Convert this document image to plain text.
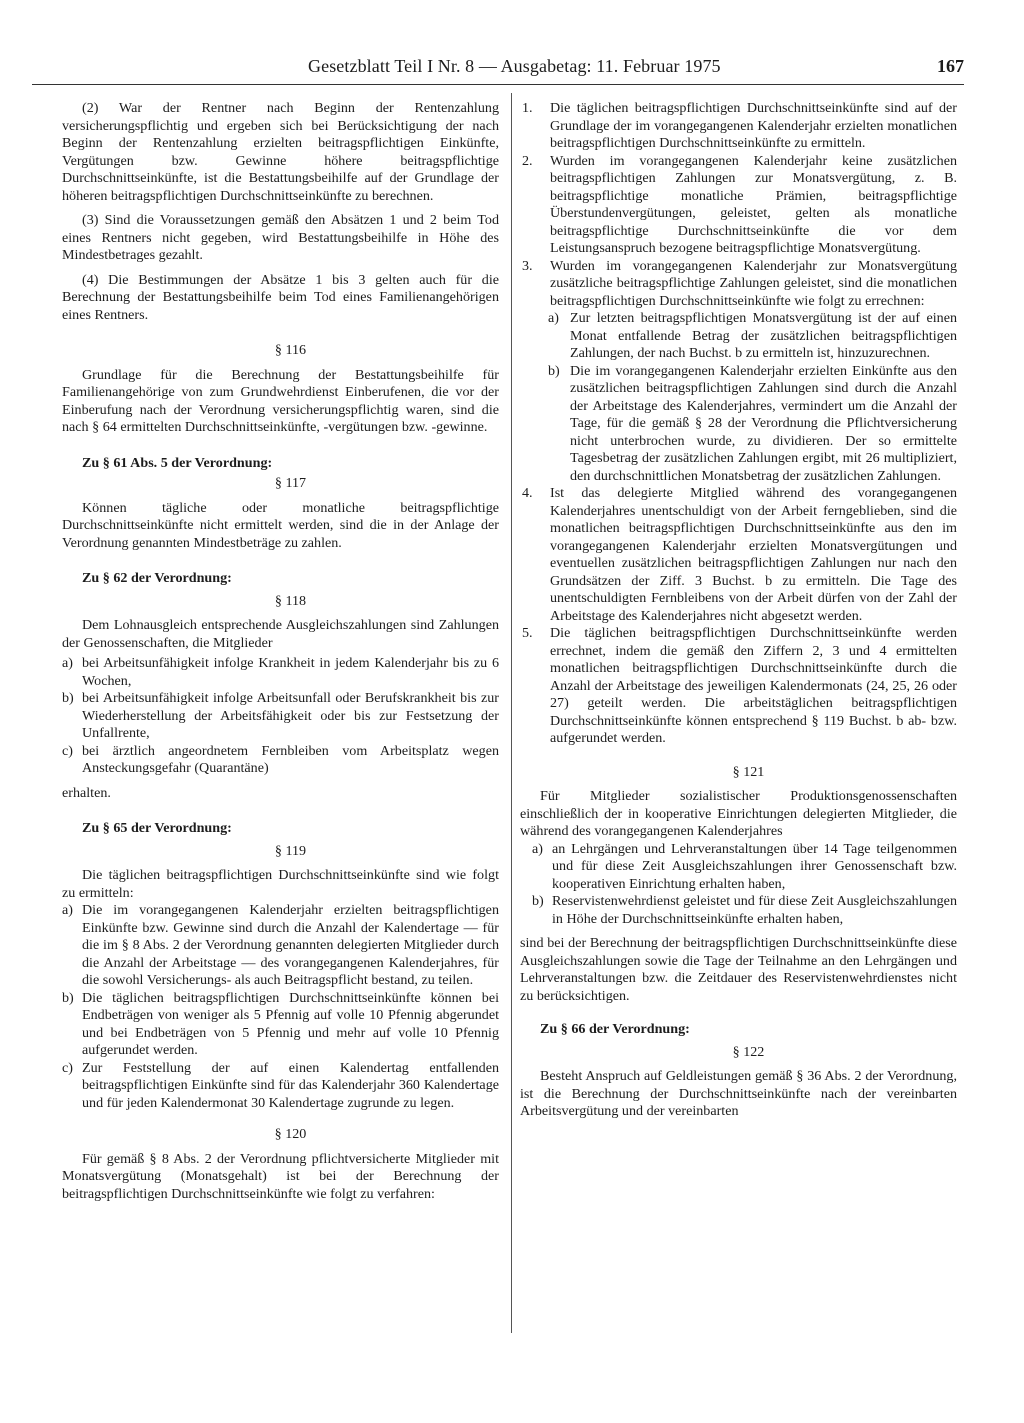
Gesetzblatt Teil I Nr. 8 — Ausgabetag: 11. Februar 1975	167

(2) War der Rentner nach Beginn der Rentenzahlung versicherungspflichtig und ergeben sich bei Berücksichtigung der nach Beginn der Rentenzahlung erzielten beitragspflichtigen Einkünfte, Vergütungen bzw. Gewinne höhere beitragspflichtige Durchschnittseinkünfte, ist die Bestattungsbeihilfe auf der Grundlage der höheren beitragspflichtigen Durchschnittseinkünfte zu berechnen.

(3) Sind die Voraussetzungen gemäß den Absätzen 1 und 2 beim Tod eines Rentners nicht gegeben, wird Bestattungsbeihilfe in Höhe des Mindestbetrages gezahlt.

(4) Die Bestimmungen der Absätze 1 bis 3 gelten auch für die Berechnung der Bestattungsbeihilfe beim Tod eines Familienangehörigen eines Rentners.

§ 116

Grundlage für die Berechnung der Bestattungsbeihilfe für Familienangehörige von zum Grundwehrdienst Einberufenen, die vor der Einberufung nach der Verordnung versicherungspflichtig waren, sind die nach § 64 ermittelten Durchschnittseinkünfte, -vergütungen bzw. -gewinne.

Zu § 61 Abs. 5 der Verordnung:

§ 117

Können tägliche oder monatliche beitragspflichtige Durchschnittseinkünfte nicht ermittelt werden, sind die in der Anlage der Verordnung genannten Mindestbeträge zu zahlen.

Zu § 62 der Verordnung:

§ 118

Dem Lohnausgleich entsprechende Ausgleichszahlungen sind Zahlungen der Genossenschaften, die Mitglieder

a) bei Arbeitsunfähigkeit infolge Krankheit in jedem Kalenderjahr bis zu 6 Wochen,
b) bei Arbeitsunfähigkeit infolge Arbeitsunfall oder Berufskrankheit bis zur Wiederherstellung der Arbeitsfähigkeit oder bis zur Festsetzung der Unfallrente,
c) bei ärztlich angeordnetem Fernbleiben vom Arbeitsplatz wegen Ansteckungsgefahr (Quarantäne)

erhalten.

Zu § 65 der Verordnung:

§ 119

Die täglichen beitragspflichtigen Durchschnittseinkünfte sind wie folgt zu ermitteln:

a) Die im vorangegangenen Kalenderjahr erzielten beitragspflichtigen Einkünfte bzw. Gewinne sind durch die Anzahl der Kalendertage — für die im § 8 Abs. 2 der Verordnung genannten delegierten Mitglieder durch die Anzahl der Arbeitstage — des vorangegangenen Kalenderjahres, für die sowohl Versicherungs- als auch Beitragspflicht bestand, zu teilen.
b) Die täglichen beitragspflichtigen Durchschnittseinkünfte können bei Endbeträgen von weniger als 5 Pfennig auf volle 10 Pfennig abgerundet und bei Endbeträgen von 5 Pfennig und mehr auf volle 10 Pfennig aufgerundet werden.
c) Zur Feststellung der auf einen Kalendertag entfallenden beitragspflichtigen Einkünfte sind für das Kalenderjahr 360 Kalendertage und für jeden Kalendermonat 30 Kalendertage zugrunde zu legen.

§ 120

Für gemäß § 8 Abs. 2 der Verordnung pflichtversicherte Mitglieder mit Monatsvergütung (Monatsgehalt) ist bei der Berechnung der beitragspflichtigen Durchschnittseinkünfte wie folgt zu verfahren:

1.	Die täglichen beitragspflichtigen Durchschnittseinkünfte sind auf der Grundlage der im vorangegangenen Kalenderjahr erzielten monatlichen beitragspflichtigen Durchschnittseinkünfte zu ermitteln.
2.	Wurden im vorangegangenen Kalenderjahr keine zusätzlichen beitragspflichtigen Zahlungen zur Monatsvergütung, z. B. beitragspflichtige monatliche Prämien, beitragspflichtige Überstundenvergütungen, geleistet, gelten als monatliche beitragspflichtige Durchschnittseinkünfte die vor dem Leistungsanspruch bezogene beitragspflichtige Monatsvergütung.
3.	Wurden im vorangegangenen Kalenderjahr zur Monatsvergütung zusätzliche beitragspflichtige Zahlungen geleistet, sind die monatlichen beitragspflichtigen Durchschnittseinkünfte wie folgt zu errechnen:
a) Zur letzten beitragspflichtigen Monatsvergütung ist der auf einen Monat entfallende Betrag der zusätzlichen beitragspflichtigen Zahlungen, der nach Buchst. b zu ermitteln ist, hinzuzurechnen.
b) Die im vorangegangenen Kalenderjahr erzielten Einkünfte aus den zusätzlichen beitragspflichtigen Zahlungen sind durch die Anzahl der Arbeitstage des Kalenderjahres, vermindert um die Anzahl der Tage, für die gemäß § 28 der Verordnung die Pflichtversicherung nicht unterbrochen wurde, zu dividieren. Der so ermittelte Tagesbetrag der zusätzlichen Zahlungen ergibt, mit 26 multipliziert, den durchschnittlichen Monatsbetrag der zusätzlichen Zahlungen.
4.	Ist das delegierte Mitglied während des vorangegangenen Kalenderjahres unentschuldigt von der Arbeit ferngeblieben, sind die monatlichen beitragspflichtigen Durchschnittseinkünfte aus den im vorangegangenen Kalenderjahr erzielten Monatsvergütungen und eventuellen zusätzlichen beitragspflichtigen Zahlungen nur nach den Grundsätzen der Ziff. 3 Buchst. b zu ermitteln. Die Tage des unentschuldigten Fernbleibens von der Arbeit dürfen von der Zahl der Arbeitstage des Kalenderjahres nicht abgesetzt werden.
5.	Die täglichen beitragspflichtigen Durchschnittseinkünfte werden errechnet, indem die gemäß den Ziffern 2, 3 und 4 ermittelten monatlichen beitragspflichtigen Durchschnittseinkünfte durch die Anzahl der Arbeitstage des jeweiligen Kalendermonats (24, 25, 26 oder 27) geteilt werden. Die arbeitstäglichen beitragspflichtigen Durchschnittseinkünfte können entsprechend § 119 Buchst. b ab- bzw. aufgerundet werden.

§ 121

Für Mitglieder sozialistischer Produktionsgenossenschaften einschließlich der in kooperative Einrichtungen delegierten Mitglieder, die während des vorangegangenen Kalenderjahres

a) an Lehrgängen und Lehrveranstaltungen über 14 Tage teilgenommen und für diese Zeit Ausgleichszahlungen ihrer Genossenschaft bzw. kooperativen Einrichtung erhalten haben,
b) Reservistenwehrdienst geleistet und für diese Zeit Ausgleichszahlungen in Höhe der Durchschnittseinkünfte erhalten haben,

sind bei der Berechnung der beitragspflichtigen Durchschnittseinkünfte diese Ausgleichszahlungen sowie die Tage der Teilnahme an den Lehrgängen und Lehrveranstaltungen bzw. die Zeitdauer des Reservistenwehrdienstes nicht zu berücksichtigen.

Zu § 66 der Verordnung:

§ 122

Besteht Anspruch auf Geldleistungen gemäß § 36 Abs. 2 der Verordnung, ist die Berechnung der Durchschnittseinkünfte nach der vereinbarten Arbeitsvergütung und der vereinbarten
